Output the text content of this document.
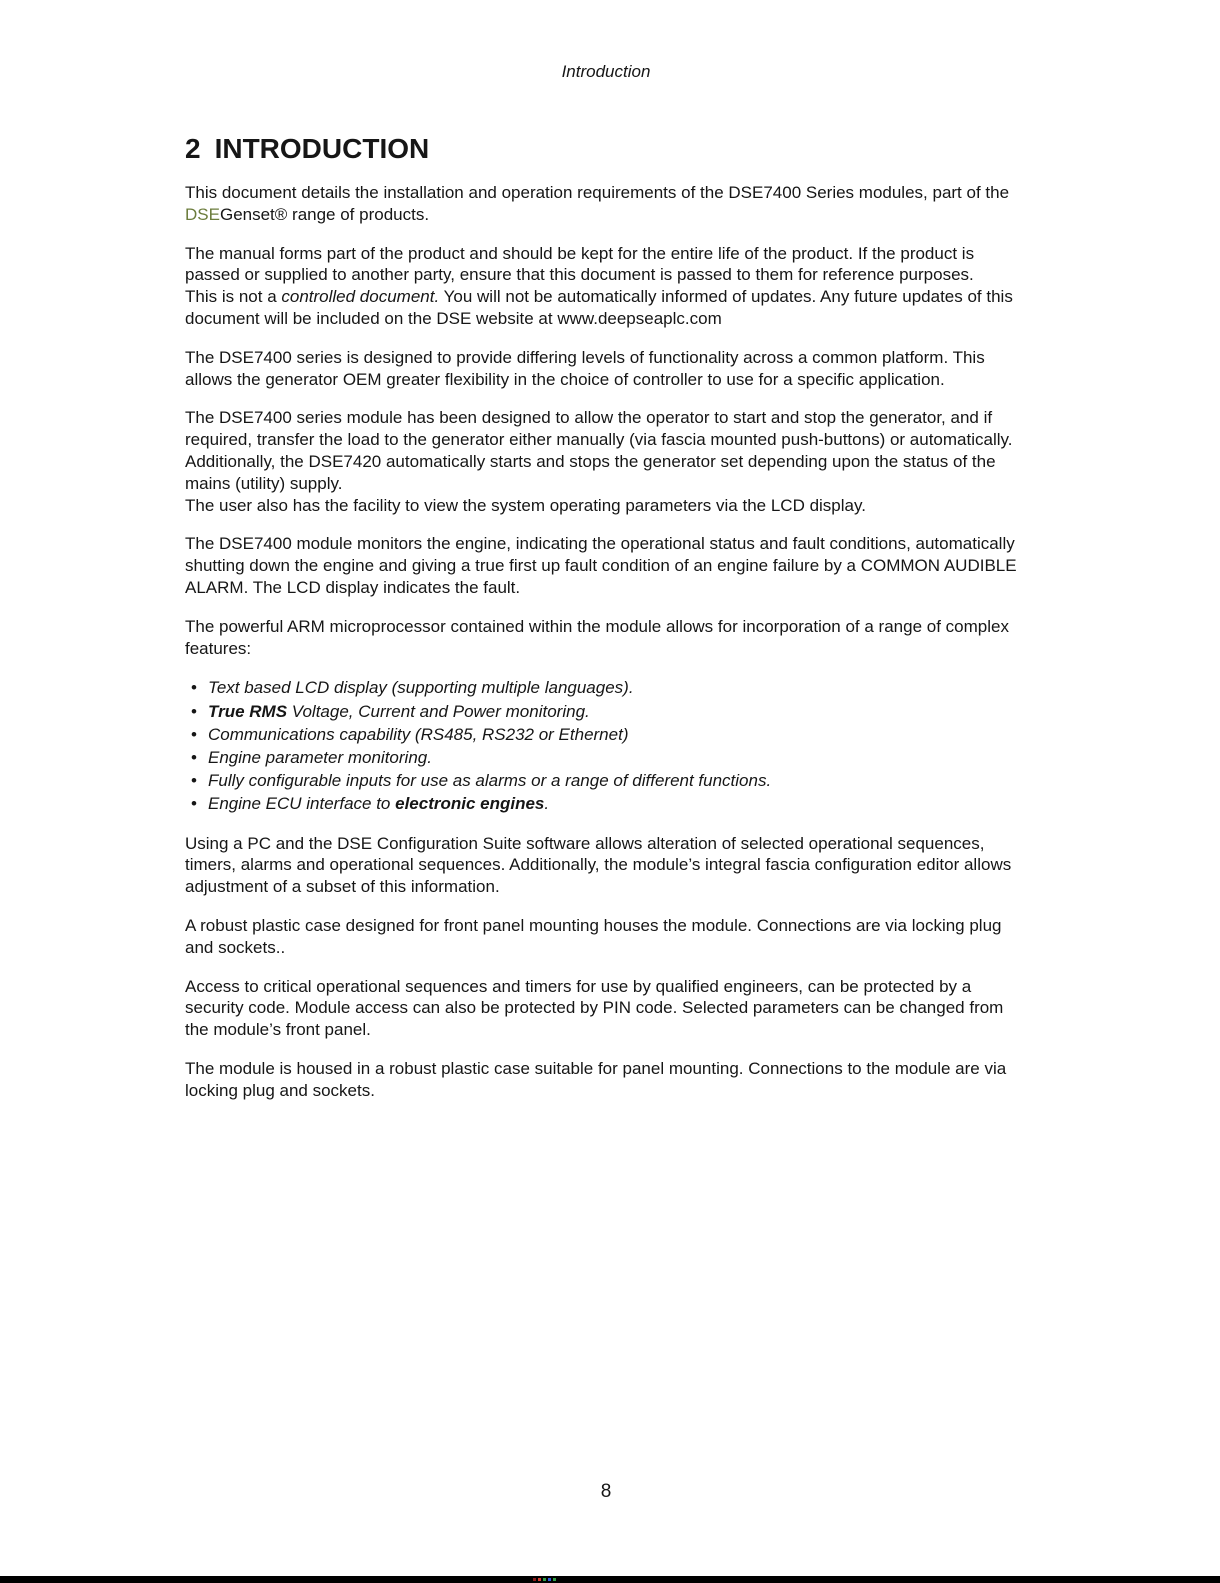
Introduction
2 INTRODUCTION

This document details the installation and operation requirements of the DSE7400 Series modules, part of the DSEGenset® range of products.

The manual forms part of the product and should be kept for the entire life of the product. If the product is passed or supplied to another party, ensure that this document is passed to them for reference purposes.
This is not a controlled document. You will not be automatically informed of updates. Any future updates of this document will be included on the DSE website at www.deepseaplc.com

The DSE7400 series is designed to provide differing levels of functionality across a common platform. This allows the generator OEM greater flexibility in the choice of controller to use for a specific application.

The DSE7400 series module has been designed to allow the operator to start and stop the generator, and if required, transfer the load to the generator either manually (via fascia mounted push-buttons) or automatically. Additionally, the DSE7420 automatically starts and stops the generator set depending upon the status of the mains (utility) supply.
The user also has the facility to view the system operating parameters via the LCD display.

The DSE7400 module monitors the engine, indicating the operational status and fault conditions, automatically shutting down the engine and giving a true first up fault condition of an engine failure by a COMMON AUDIBLE ALARM. The LCD display indicates the fault.

The powerful ARM microprocessor contained within the module allows for incorporation of a range of complex features:

• Text based LCD display (supporting multiple languages).
• True RMS Voltage, Current and Power monitoring.
• Communications capability (RS485, RS232 or Ethernet)
• Engine parameter monitoring.
• Fully configurable inputs for use as alarms or a range of different functions.
• Engine ECU interface to electronic engines.

Using a PC and the DSE Configuration Suite software allows alteration of selected operational sequences, timers, alarms and operational sequences. Additionally, the module’s integral fascia configuration editor allows adjustment of a subset of this information.

A robust plastic case designed for front panel mounting houses the module. Connections are via locking plug and sockets..

Access to critical operational sequences and timers for use by qualified engineers, can be protected by a security code. Module access can also be protected by PIN code. Selected parameters can be changed from the module’s front panel.

The module is housed in a robust plastic case suitable for panel mounting. Connections to the module are via locking plug and sockets.

8
